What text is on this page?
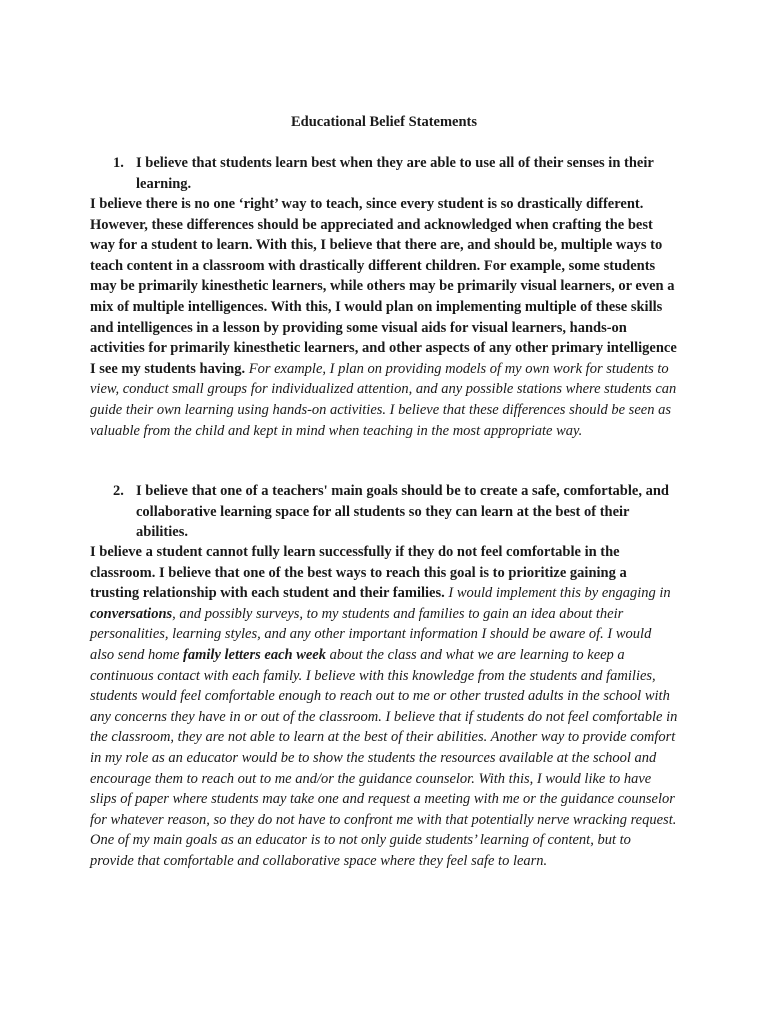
Educational Belief Statements
1. I believe that students learn best when they are able to use all of their senses in their learning.
I believe there is no one ‘right’ way to teach, since every student is so drastically different. However, these differences should be appreciated and acknowledged when crafting the best way for a student to learn. With this, I believe that there are, and should be, multiple ways to teach content in a classroom with drastically different children. For example, some students may be primarily kinesthetic learners, while others may be primarily visual learners, or even a mix of multiple intelligences. With this, I would plan on implementing multiple of these skills and intelligences in a lesson by providing some visual aids for visual learners, hands-on activities for primarily kinesthetic learners, and other aspects of any other primary intelligence I see my students having. For example, I plan on providing models of my own work for students to view, conduct small groups for individualized attention, and any possible stations where students can guide their own learning using hands-on activities. I believe that these differences should be seen as valuable from the child and kept in mind when teaching in the most appropriate way.
2. I believe that one of a teachers' main goals should be to create a safe, comfortable, and collaborative learning space for all students so they can learn at the best of their abilities.
I believe a student cannot fully learn successfully if they do not feel comfortable in the classroom. I believe that one of the best ways to reach this goal is to prioritize gaining a trusting relationship with each student and their families. I would implement this by engaging in conversations, and possibly surveys, to my students and families to gain an idea about their personalities, learning styles, and any other important information I should be aware of. I would also send home family letters each week about the class and what we are learning to keep a continuous contact with each family. I believe with this knowledge from the students and families, students would feel comfortable enough to reach out to me or other trusted adults in the school with any concerns they have in or out of the classroom. I believe that if students do not feel comfortable in the classroom, they are not able to learn at the best of their abilities. Another way to provide comfort in my role as an educator would be to show the students the resources available at the school and encourage them to reach out to me and/or the guidance counselor. With this, I would like to have slips of paper where students may take one and request a meeting with me or the guidance counselor for whatever reason, so they do not have to confront me with that potentially nerve wracking request. One of my main goals as an educator is to not only guide students’ learning of content, but to provide that comfortable and collaborative space where they feel safe to learn.
